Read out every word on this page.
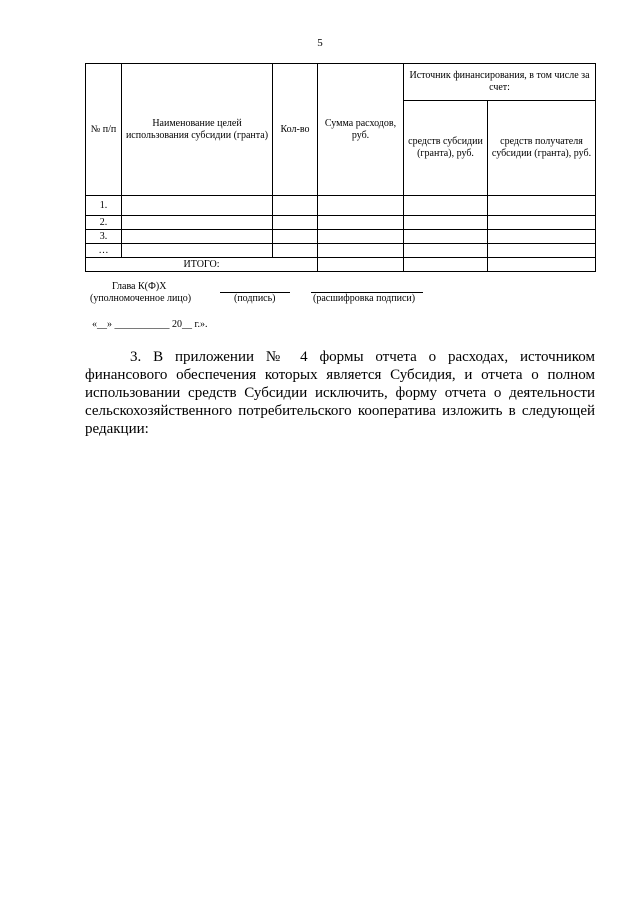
5
№ п/п	Наименование целей использования субсидии (гранта)	Кол-во	Сумма расходов, руб.	Источник финансирования, в том числе за счет:	
				средств субсидии (гранта), руб.	средств получателя субсидии (гранта), руб.
1.					
2.					
3.					
…					
ИТОГО:					
Глава К(Ф)Х
(уполномоченное лицо)	(подпись)	(расшифровка подписи)
«__» ___________ 20__ г.».

3. В приложении № 4 формы отчета о расходах, источником финансового обеспечения которых является Субсидия, и отчета о полном использовании средств Субсидии исключить, форму отчета о деятельности сельскохозяйственного потребительского кооператива изложить в следующей редакции:
